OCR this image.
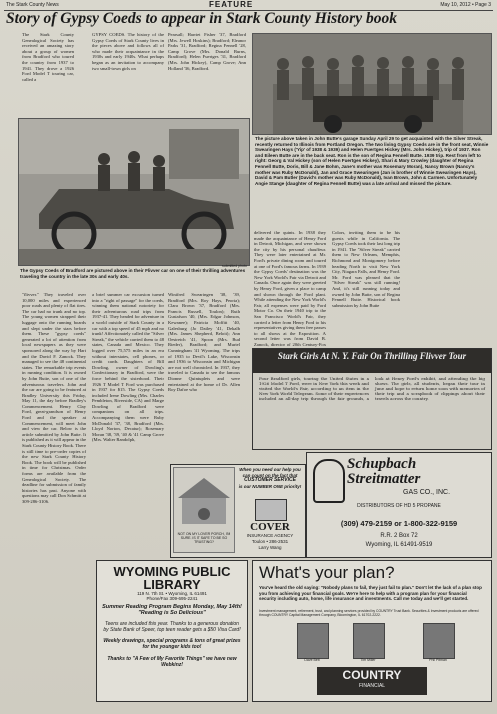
The Stark County News	FEATURE	May 10, 2012 • Page 3
Story of Gypsy Coeds to appear in Stark County History book
The Stark County Genealogical Society has received an amazing story about a group of women from Bradford who toured the country from 1937 to 1941. They drove a 1926 Ford Model T touring car, called a
GYPSY COEDS. The history of the Gypsy Coeds of Stark County lives in the pieces above and follows all of who made their acquaintance in the 1930s and early 1940s. What perhaps began as an invitation to accompany two small-town girls on
Pearsall; Harriet Fisher '37, Bradford (Mrs. Jewell Hoskins); Bradford; Eleanor Parks '31, Bradford; Regina Fennell '28, Camp Grove (Mrs. Donald Burns, Bradford); Helen Fuertges '31, Bradford (Mrs. John Hickey), Camp Grove; Ann Holland '36, Bradford.
The picture above taken in John Butte's garage Sunday April 29 to get acquainted with the Silver Streak, recently returned to Illinois from Portland Oregon. The two living Gypsy Coeds are in the front seat, Winnie Swearingen Hays ('Yip' of 1938 & 1939) and Helen Fuertges Hickey (Mrs. John Hickey), trip of 1937. Ron and Eileen Butte are in the back seat. Ron is the son of Regina Fennell Butte. 1939 trip. Rest from left to right: Georg & Val Hickey (son of Helen Fuertges Hickey), Shari & Mary Crowley (daughter of Regina Fennell Butte, Doris, Bill & Jane Bohm, Jane's mother was Rosemary Moran), Nancy Brown (Nancy's mother was Ruby McDonald), Jan and Grace Swearingen (Jan is brother of Winnie Swearingen Hays), David & Pam Butler (David's mother was Ruby McDonald), Ivan Brown, John & Carmen. Unfortunately Angie Stange (daughter of Regina Fennell Butte) was a late arrival and missed the picture.
submitted photo
The Gypsy Coeds of Bradford are pictured above in their Flivver car on one of their thrilling adventures traveling the country in the late 30s and early 40s.
"flivver." They traveled over 10,000 miles and experienced poor roads and plenty of flat tires. The car had no trunk and no top. The young women strapped their luggage onto the running boards and slept under the stars before them. These "gypsy coeds" generated a lot of attention from local newspapers as they were sponsored along the way by Hart and the David F. Zanock. They managed to see the 48 continental states. The remarkable trip events in running condition. It is owned by John Butte, son of one of the adventurous travelers. John and the car are going to be featured at Bradley University this Friday, May 11, the day before Bradley's Commencement. Henry Clay Ford, great-grandson of Henry Ford and the speaker at Commencement, will meet John and view the car. Below is the article submitted by John Butte. It is published as it will appear in the Stark County History Book. There is still time to pre-order copies of the new Stark County History Book. The book will be published in time for Christmas. Order forms are available from the Genealogical Society. The deadline for submission of family histories has past. Anyone with questions may call Don Schmitt at 309-286-3106.
a brief summer car excursion turned into a "right of passage" for the coeds, winning them national notoriety for their adventurous road trips from 1937-41. They headed for adventure in a world outside of Stark County in a car with a top speed of 45 mph and no trunk! Affectionately called the "Silver Streak," the vehicle carried them to 48 states, Canada and Mexico. They logged over 75,575 miles in an era without interstates, cell phones, or credit cards. Daughters of Bill Dowling, owner of Dowling's Confectionary in Bradford, were the force behind the sisterhood. Their 1926 T Model T Ford was purchased in 1937 for $15. The Gypsy Coeds included Irene Dowling (Mrs. Charles Pembleton, Riverside, CA) and Marge Dowling of Bradford were companions on all trips. Accompanying them were Ruby McDonald '37, '38, Bradford (Mrs. Lloyd Norton, Decatur); Rosemary Moran '38, '39, '40 & '41 Camp Grove (Mrs. Walter Randolph,
Winifred Swearingen '38, '39, Bradford (Mrs. Roy Hays, Peoria); Clara Brown '37, Bradford (Mrs. Francis Russell, Toulon); Ruth Gustafson '40, (Mrs. Edgar Johnson, Kewanee); Patricia Moffitt '40, Galesburg (Jo Dailey '41, Dekalb (Mrs. James Shepherd, Beloit); Ann Oestreich '41, Spoon (Mrs. Bud Rieder), Bradford; and Muriel Cunningham '41 Wyoming. The trips of 1935 to Devil's Lake, Wisconsin and 1936 to Wisconsin and Michigan are not well chronicled. In 1937, they traveled to Canada to see the famous Dionne Quintuplets and were entertained at the home of Dr. Allen Roy Dafoe who
delivered the quints. In 1938 they made the acquaintance of Henry Ford in Detroit, Michigan, and were shown the city by his personal chauffeur. They were later entertained at Mr. Ford's private dining room and toured at one of Ford's famous farms. In 1939 the Gypsy Coeds' destination was the New York World's Fair via Detroit and Canada. Once again they were greeted by Henry Ford, given a place to camp and shown through the Ford plant. While attending the New York World's Fair, all expenses were paid by Ford Motor Co. On their 1940 trip to the San Francisco World's Fair, they carried a letter from Henry Ford to his representatives giving them free passes to all shows at the Exposition. A second letter was from David B. Zanock, director of 20th Century-Fox
Colors, inviting them to be his guests while in California. The Gypsy Coeds took their last long trip in 1941. The "Silver Streak" carried them to New Orleans, Memphis, Richmond and Montgomery before heading North to visit New York City, Niagara Falls, and Henry Ford. Mr. Ford was pleased that the "Silver Streak" was still running! And, it's still running today and owned by John Butte, son of Regina Fennell Butte. Historical book submission by John Butte
Stark Girls At N. Y. Fair On Thrilling Flivver Tour
Four Bradford girls, touring the United States in a 1926 Model T Ford, were in New York this week and visited the World's Fair, according to an item in the New York World Telegram. Some of their experiences included an all-day trip through the fair grounds, a look at Henry Ford's exhibit, and attending the big shows. The girls, all students, began their tour in June and hope to return home soon with memories of their trip and a scrapbook of clippings about their travels across the country.
Schupbach Streitmatter
GAS CO., INC.
DISTRIBUTORS OF HD 5 PROPANE
(309) 479-2159 or 1-800-322-9159
R.R. 2 Box 72
Wyoming, IL 61491-9519
NOT ON MY LOVER PORCH, I'M SURE. IS IT SAFE TO BE SO TRUSTING?
When you need our help you can count on the fact that
CUSTOMER SERVICE
is our NUMBER ONE priority!
COVER
INSURANCE AGENCY
Toulon • 286-2531
Larry Wang
WYOMING PUBLIC LIBRARY
119 N. 7th St. • Wyoming, IL 61491
Phone/Fax 309-695-2241
Summer Reading Program Begins Monday, May 14th!
"Reading is So Delicious"
Teens are included this year. Thanks to a generous donation by State Bank of Speer, top teen reader gets a $50 Visa Card!
Weekly drawings, special programs & tons of great prizes for the younger kids too!
Thanks to "A Few of My Favorite Things" we have new Webkinz!
What's your plan?
You've heard the old saying: "Nobody plans to fail, they just fail to plan." Don't let the lack of a plan stop you from achieving your financial goals. We're here to help with a program plan for your financial security including auto, home, life insurance and investments. Call me today and we'll get started.
Investment management, retirement, trust, and planning services provided by COUNTRY Trust Bank. Securities & Investment products are offered through COUNTRY Capital Management Company, Bloomington, IL 61702-2222.
Dave Beit	Tim Miller	Phil Pitman
COUNTRY
FINANCIAL
